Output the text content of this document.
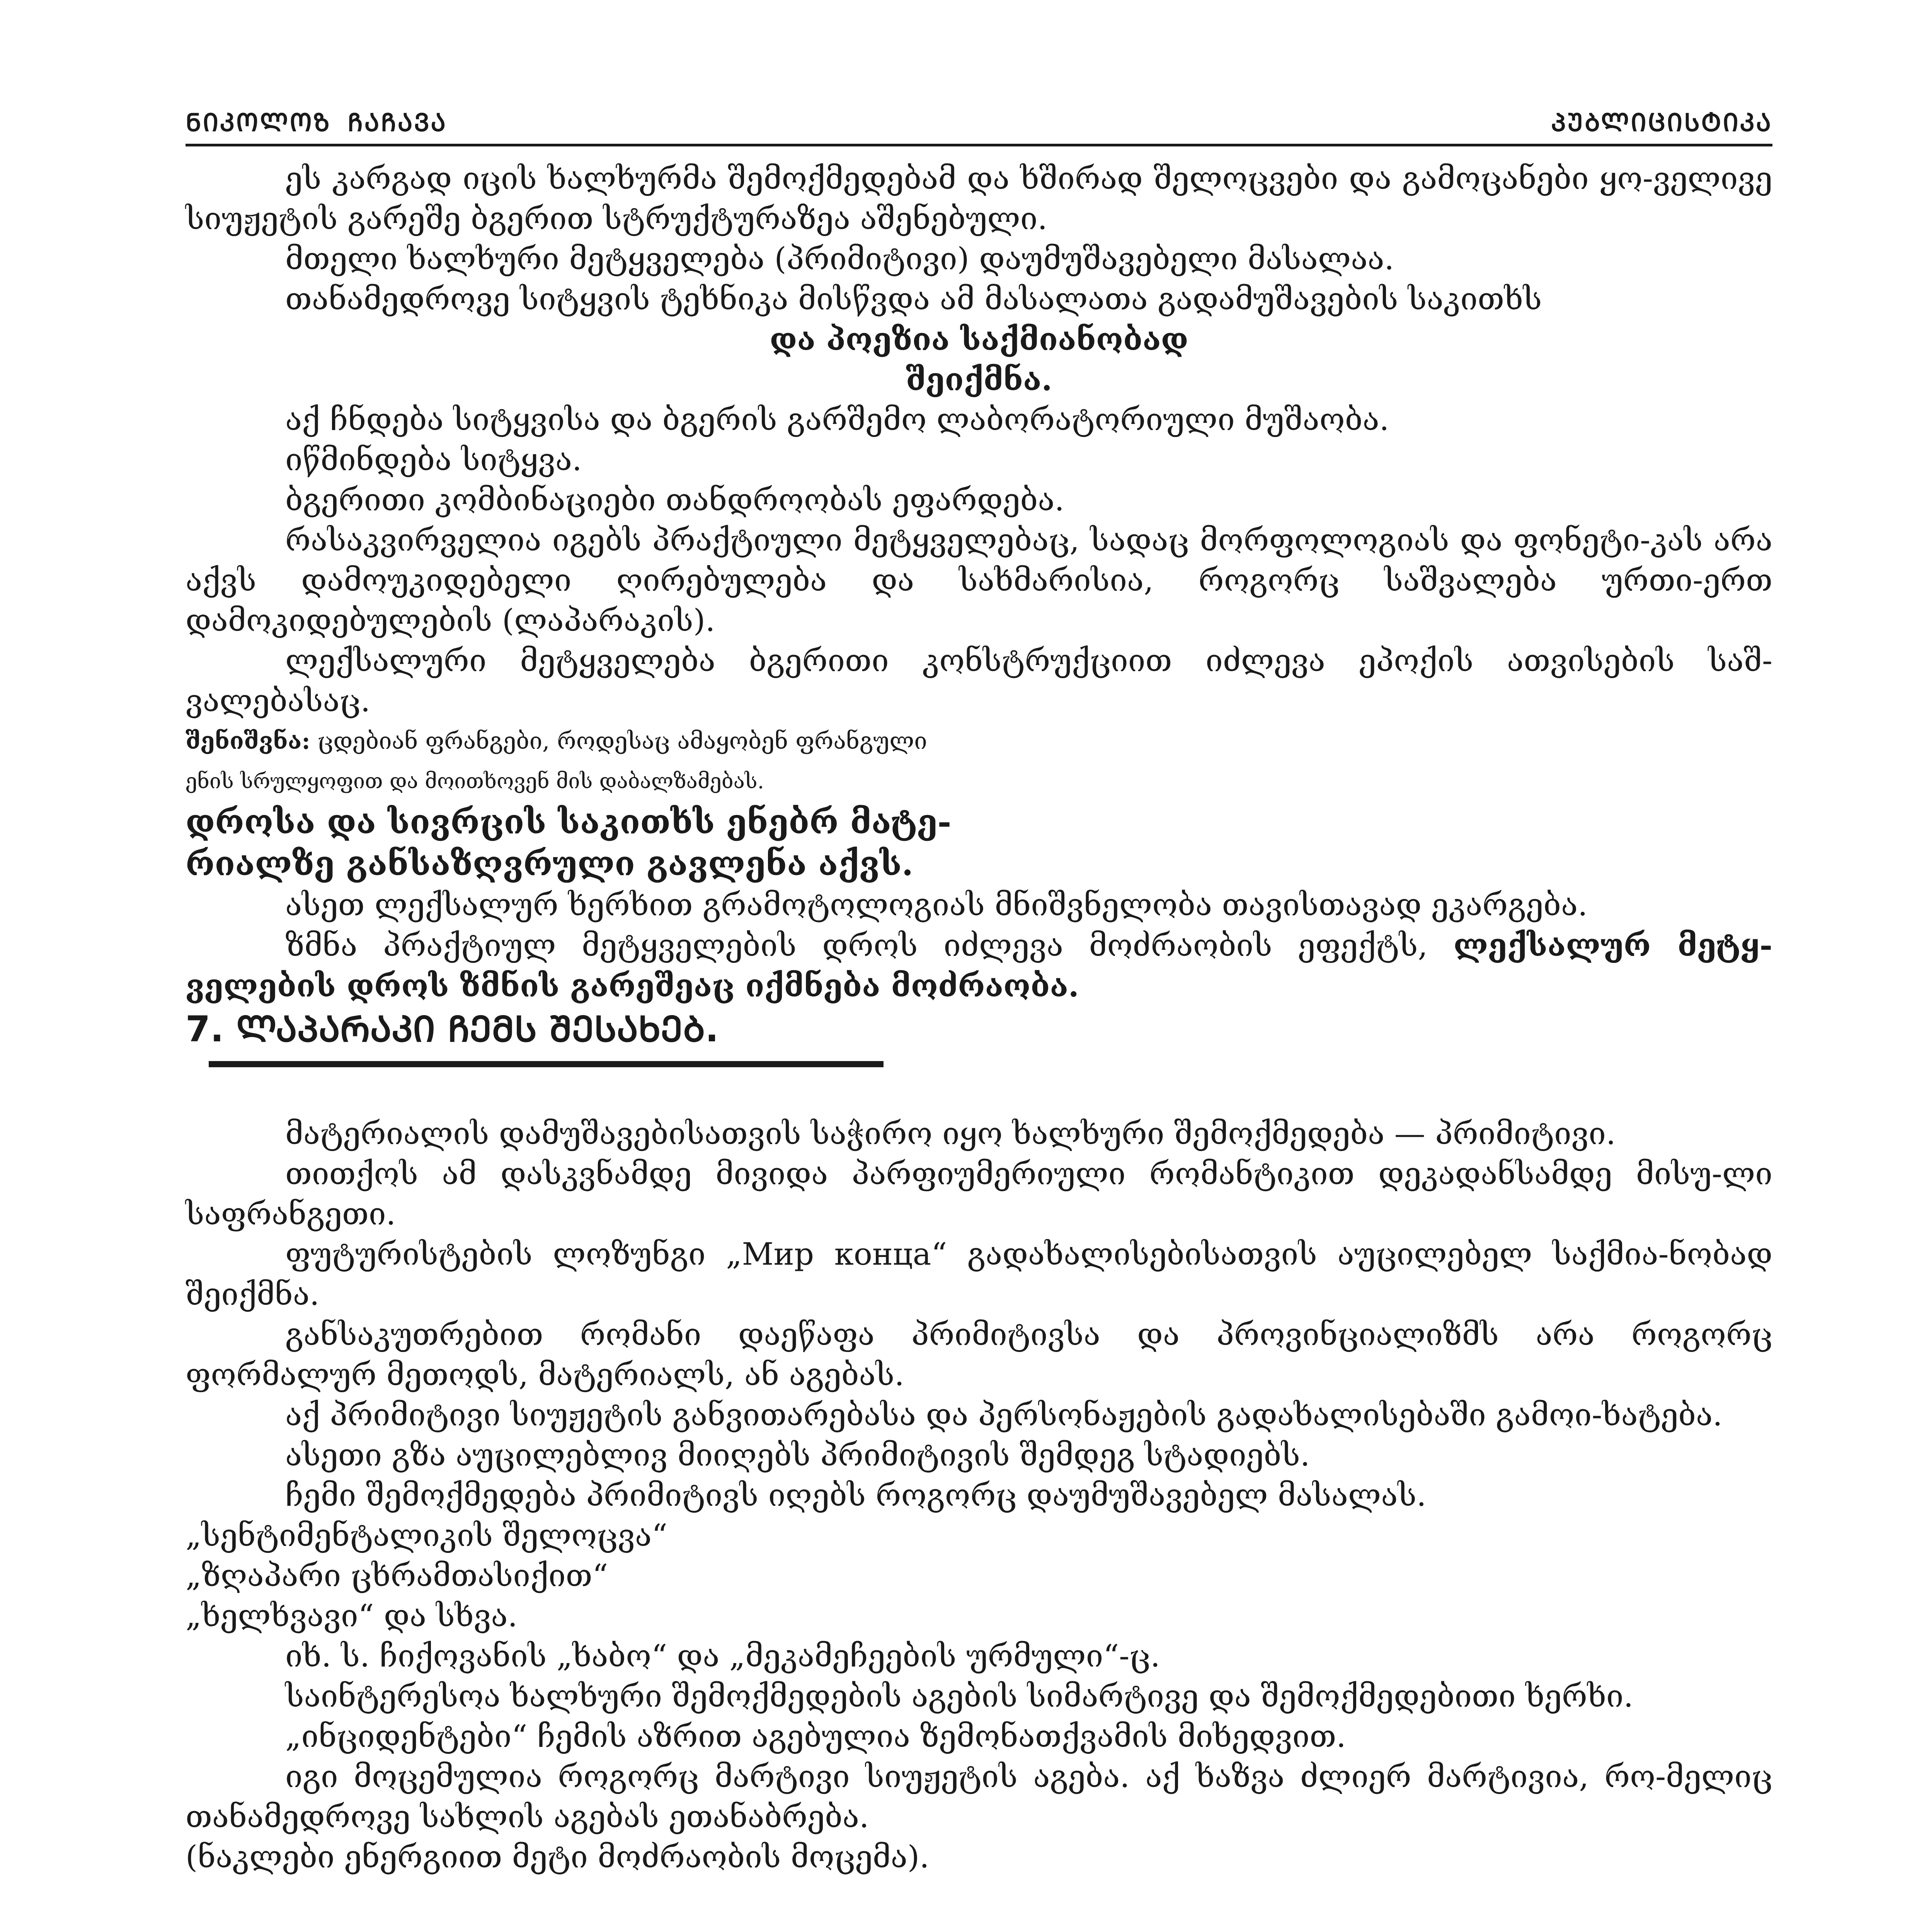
ᲜᲘᲙᲝᲚᲝᲖ ᲩᲐᲩᲐᲕᲐ	ᲞᲣᲑᲚᲘᲪᲘᲡᲢᲘᲙᲐ

ეს კარგად იცის ხალხურმა შემოქმედებამ და ხშირად შელოცვები და გამოცანები ყო-ველივე სიუჟეტის გარეშე ბგერით სტრუქტურაზეა აშენებული.

მთელი ხალხური მეტყველება (პრიმიტივი) დაუმუშავებელი მასალაა.

თანამედროვე სიტყვის ტეხნიკა მისწვდა ამ მასალათა გადამუშავების საკითხს

და პოეზია საქმიანობად

შეიქმნა.

აქ ჩნდება სიტყვისა და ბგერის გარშემო ლაბორატორიული მუშაობა.

იწმინდება სიტყვა.

ბგერითი კომბინაციები თანდროობას ეფარდება.

რასაკვირველია იგებს პრაქტიული მეტყველებაც, სადაც მორფოლოგიას და ფონეტი-კას არა აქვს დამოუკიდებელი ღირებულება და სახმარისია, როგორც საშვალება ურთი-ერთ დამოკიდებულების (ლაპარაკის).

ლექსალური მეტყველება ბგერითი კონსტრუქციით იძლევა ეპოქის ათვისების საშ-ვალებასაც.

შენიშვნა: ცდებიან ფრანგები, როდესაც ამაყობენ ფრანგული

ენის სრულყოფით და მოითხოვენ მის დაბალზამებას.

დროსა და სივრცის საკითხს ენებრ მატე-

რიალზე განსაზღვრული გავლენა აქვს.

ასეთ ლექსალურ ხერხით გრამოტოლოგიას მნიშვნელობა თავისთავად ეკარგება.

ზმნა პრაქტიულ მეტყველების დროს იძლევა მოძრაობის ეფექტს, ლექსალურ მეტყ-ველების დროს ზმნის გარეშეაც იქმნება მოძრაობა.

7. ᲚᲐᲞᲐᲠᲐᲙᲘ ᲩᲔᲛᲡ ᲨᲔᲡᲐᲮᲔᲑ.

მატერიალის დამუშავებისათვის საჭირო იყო ხალხური შემოქმედება — პრიმიტივი.

თითქოს ამ დასკვნამდე მივიდა პარფიუმერიული რომანტიკით დეკადანსამდე მისუ-ლი საფრანგეთი.

ფუტურისტების ლოზუნგი „Мир конца“ გადახალისებისათვის აუცილებელ საქმია-ნობად შეიქმნა.

განსაკუთრებით რომანი დაეწაფა პრიმიტივსა და პროვინციალიზმს არა როგორც ფორმალურ მეთოდს, მატერიალს, ან აგებას.

აქ პრიმიტივი სიუჟეტის განვითარებასა და პერსონაჟების გადახალისებაში გამოი-ხატება.

ასეთი გზა აუცილებლივ მიიღებს პრიმიტივის შემდეგ სტადიებს.

ჩემი შემოქმედება პრიმიტივს იღებს როგორც დაუმუშავებელ მასალას.

„სენტიმენტალიკის შელოცვა“

„ზღაპარი ცხრამთასიქით“

„ხელხვავი“ და სხვა.

იხ. ს. ჩიქოვანის „ხაბო“ და „მეკამეჩეების ურმული“-ც.

საინტერესოა ხალხური შემოქმედების აგების სიმარტივე და შემოქმედებითი ხერხი.

„ინციდენტები“ ჩემის აზრით აგებულია ზემონათქვამის მიხედვით.

იგი მოცემულია როგორც მარტივი სიუჟეტის აგება. აქ ხაზვა ძლიერ მარტივია, რო-მელიც თანამედროვე სახლის აგებას ეთანაბრება.

(ნაკლები ენერგიით მეტი მოძრაობის მოცემა).
